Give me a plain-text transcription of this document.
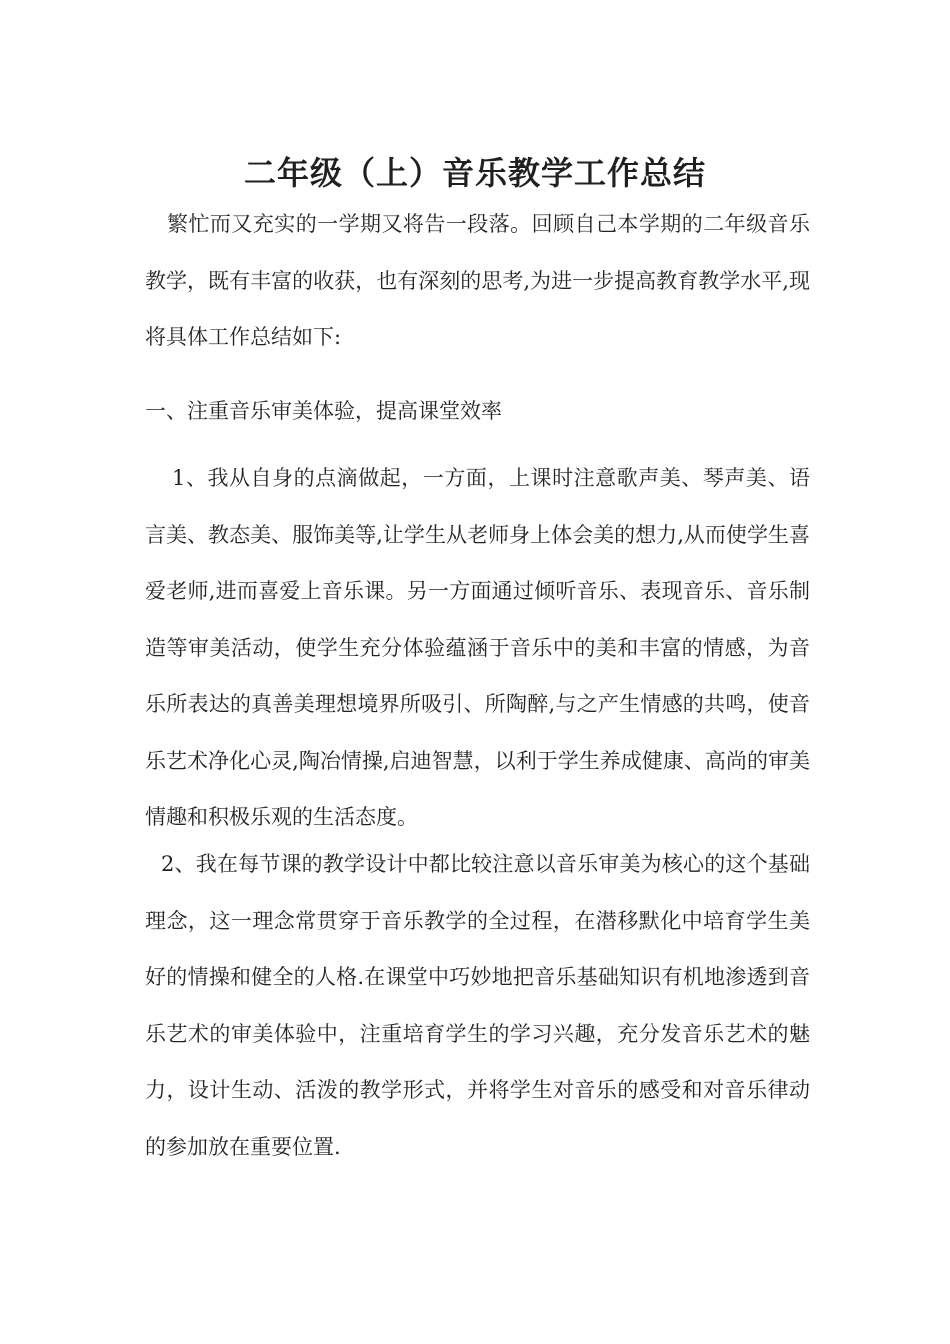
二年级（上）音乐教学工作总结

繁忙而又充实的一学期又将告一段落。回顾自己本学期的二年级音乐教学，既有丰富的收获，也有深刻的思考,为进一步提高教育教学水平,现将具体工作总结如下:

一、注重音乐审美体验，提高课堂效率

1、我从自身的点滴做起，一方面，上课时注意歌声美、琴声美、语言美、教态美、服饰美等,让学生从老师身上体会美的想力,从而使学生喜爱老师,进而喜爱上音乐课。另一方面通过倾听音乐、表现音乐、音乐制造等审美活动，使学生充分体验蕴涵于音乐中的美和丰富的情感，为音乐所表达的真善美理想境界所吸引、所陶醉,与之产生情感的共鸣，使音乐艺术净化心灵,陶冶情操,启迪智慧，以利于学生养成健康、高尚的审美情趣和积极乐观的生活态度。

2、我在每节课的教学设计中都比较注意以音乐审美为核心的这个基础理念，这一理念常贯穿于音乐教学的全过程，在潜移默化中培育学生美好的情操和健全的人格.在课堂中巧妙地把音乐基础知识有机地渗透到音乐艺术的审美体验中，注重培育学生的学习兴趣，充分发音乐艺术的魅力，设计生动、活泼的教学形式，并将学生对音乐的感受和对音乐律动的参加放在重要位置.
